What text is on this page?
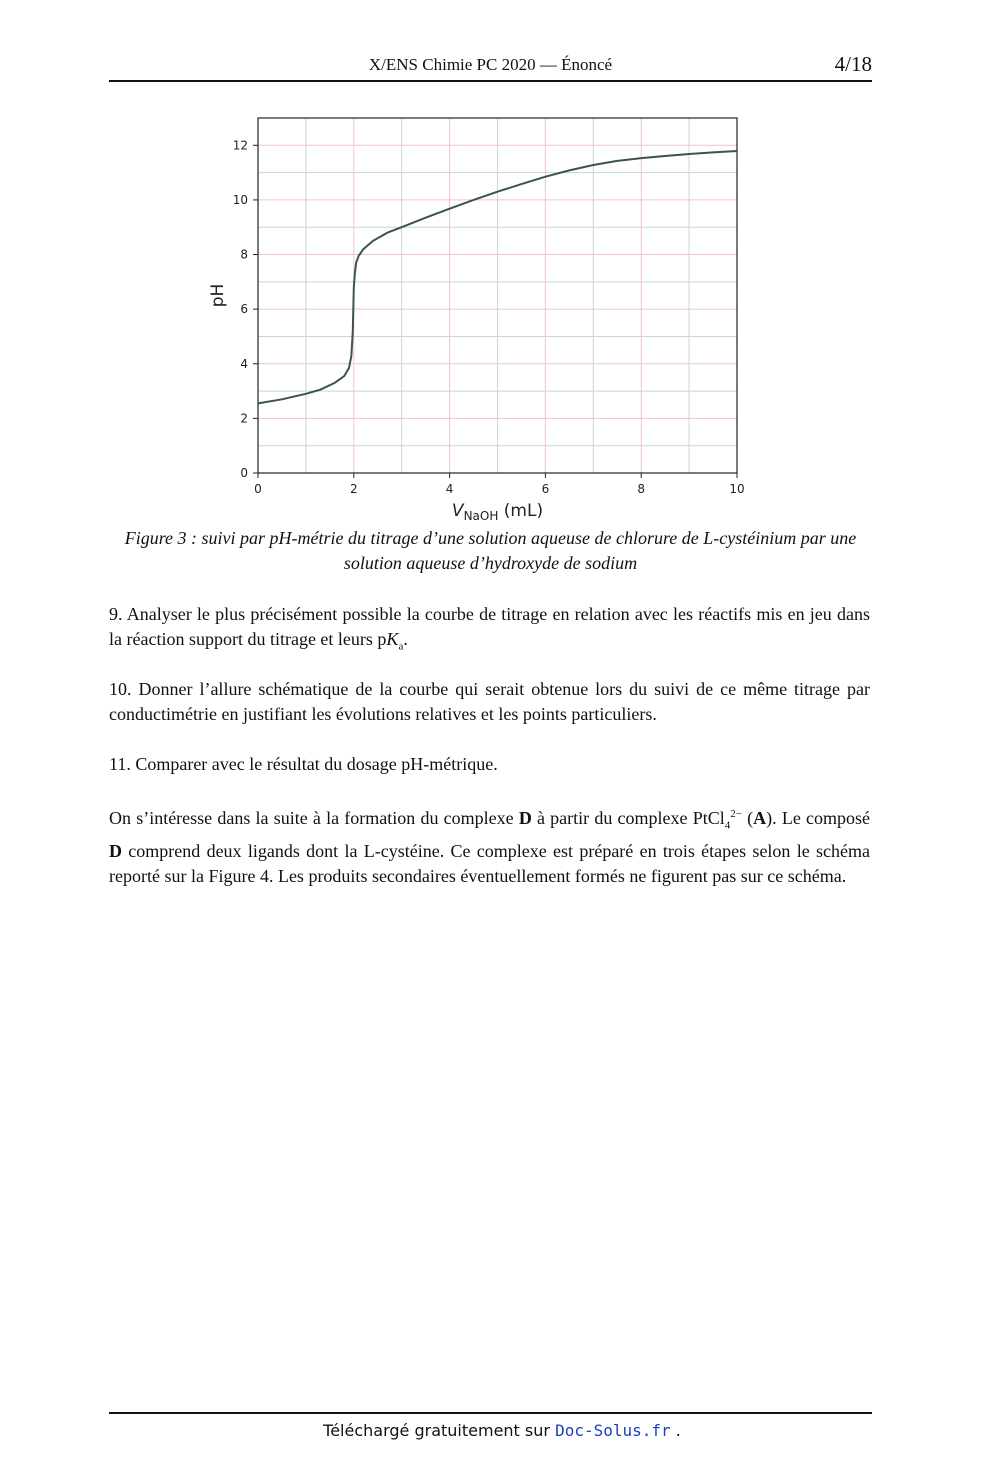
X/ENS Chimie PC 2020 — Énoncé	4/18
0	2	4	6	8	10
0
2
4
6
8
10
12
pH
$V_{NaOH}$ (mL)
Figure 3 : suivi par pH-métrie du titrage d’une solution aqueuse de chlorure de L-cystéinium par une solution aqueuse d’hydroxyde de sodium
9. Analyser le plus précisément possible la courbe de titrage en relation avec les réactifs mis en jeu dans la réaction support du titrage et leurs $pK_a$.
10. Donner l’allure schématique de la courbe qui serait obtenue lors du suivi de ce même titrage par conductimétrie en justifiant les évolutions relatives et les points particuliers.
11. Comparer avec le résultat du dosage pH-métrique.
On s’intéresse dans la suite à la formation du complexe D à partir du complexe PtCl$_4^{2-}$ (A). Le composé D comprend deux ligands dont la L-cystéine. Ce complexe est préparé en trois étapes selon le schéma reporté sur la Figure 4. Les produits secondaires éventuellement formés ne figurent pas sur ce schéma.
Téléchargé gratuitement sur Doc-Solus.fr .
